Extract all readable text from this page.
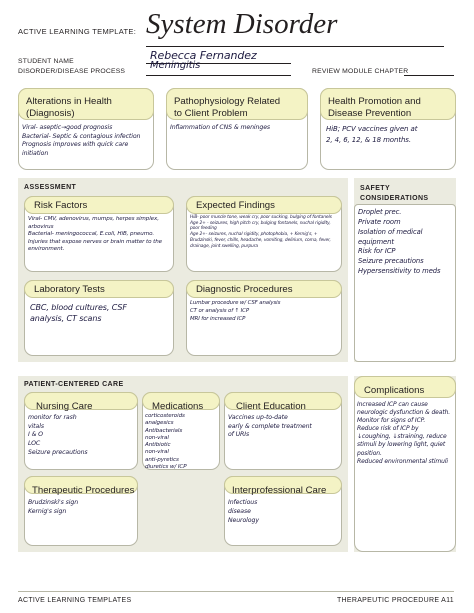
ACTIVE LEARNING TEMPLATE: System Disorder
STUDENT NAME	Rebecca Fernandez
DISORDER/DISEASE PROCESS
Meningitis
REVIEW MODULE CHAPTER
Alterations in Health
(Diagnosis)
Viral- aseptic→good prognosis
Bacterial- Septic & contagious infection
Prognosis improves with quick care
initiation
Pathophysiology Related
to Client Problem
Inflammation of CNS & meninges
Health Promotion and
Disease Prevention
HiB; PCV vaccines given at
2, 4, 6, 12, & 18 months.
ASSESSMENT
Risk Factors
Viral- CMV, adenovirus, mumps, herpes simplex, arbovirus
Bacterial- meningococcal, E.coli, HiB, pneumo.
Injuries that expose nerves or brain matter to the environment.
Expected Findings
HiB- poor muscle tone, weak cry, poor sucking, bulging of fontanels
Age 2+ - seizures, high pitch cry, bulging fontanels, nuchal rigidity, poor feeding
Age 2+- seizures, nuchal rigidity, photophobia, + Kernig's, + Brudzinski, fever, chills, headache, vomiting, delirium, coma, fever, drainage, joint swelling, purpura
Laboratory Tests
CBC, blood cultures, CSF
analysis, CT scans
Diagnostic Procedures
Lumbar procedure w/ CSF analysis
CT or analysis of ↑ ICP
MRI for increased ICP
SAFETY
CONSIDERATIONS
Droplet prec.
Private room
Isolation of medical equipment
Risk for ICP
Seizure precautions
Hypersensitivity to meds
PATIENT-CENTERED CARE
Nursing Care
monitor for rash
vitals
I & O
LOC
Seizure precautions
Medications
corticosteroids
analgesics
Antibacterials
non-viral
Antibiotic
non-viral
anti-pyretics
diuretics w/ ICP
Client Education
Vaccines up-to-date
early & complete treatment
of URIs
Therapeutic Procedures
Brudzinski's sign
Kernig's sign
Interprofessional Care
Infectious
disease
Neurology
Complications
Increased ICP can cause neurologic dysfunction & death. Monitor for signs of ICP.
Reduce risk of ICP by ↓coughing, ↓straining, reduce stimuli by lowering light, quiet position.
Reduced environmental stimuli
ACTIVE LEARNING TEMPLATES	THERAPEUTIC PROCEDURE A11
